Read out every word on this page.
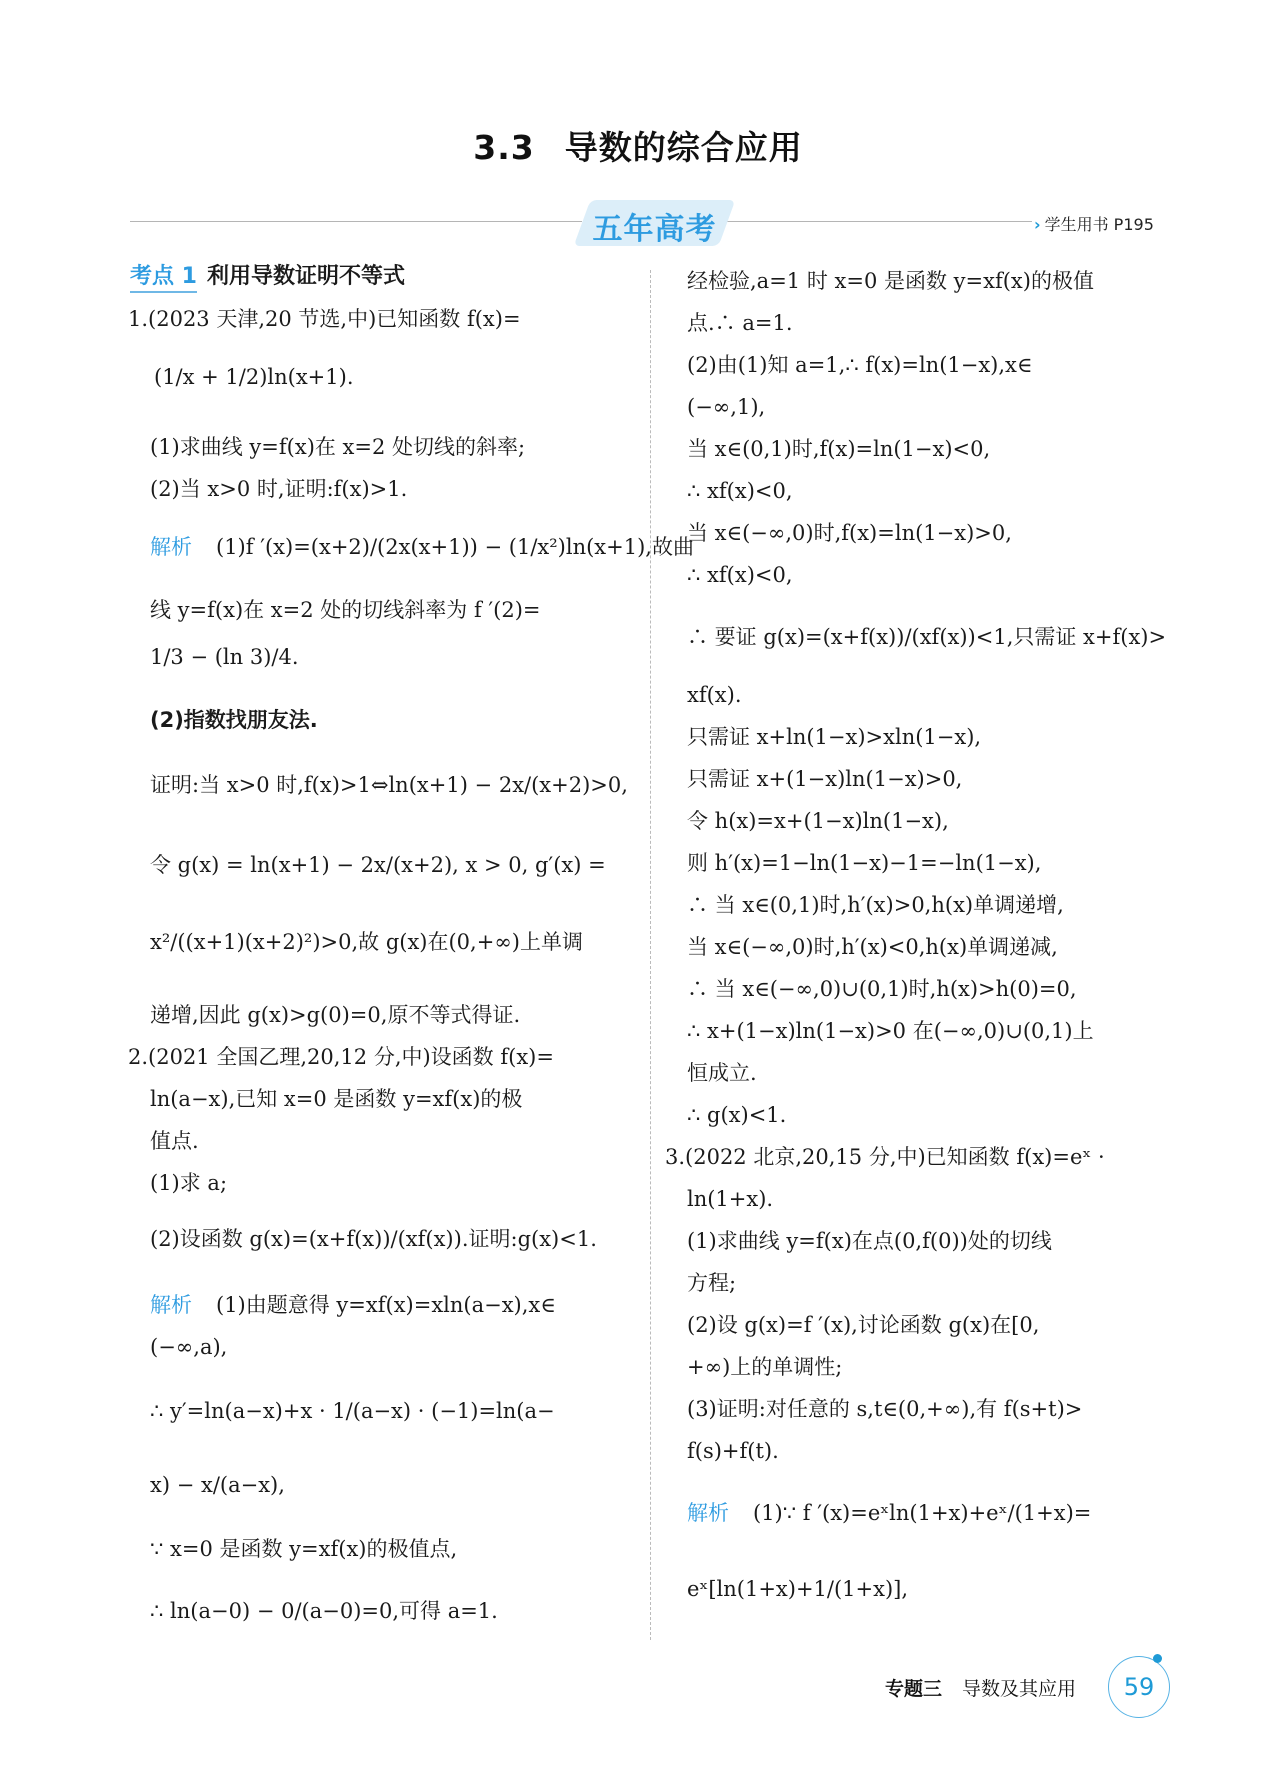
3.3 导数的综合应用
五年高考	› 学生用书 P195
考点 1 利用导数证明不等式
1.(2023 天津,20 节选,中)已知函数 f(x)=
(1/x + 1/2)ln(x+1).
(1)求曲线 y=f(x)在 x=2 处切线的斜率;
(2)当 x>0 时,证明:f(x)>1.
解析 (1)f ′(x)=(x+2)/(2x(x+1)) − (1/x²)ln(x+1),故曲
线 y=f(x)在 x=2 处的切线斜率为 f ′(2)=
1/3 − (ln 3)/4.
(2)指数找朋友法.
证明:当 x>0 时,f(x)>1⇔ln(x+1) − 2x/(x+2)>0,
令 g(x) = ln(x+1) − 2x/(x+2), x > 0, g′(x) =
x²/((x+1)(x+2)²)>0,故 g(x)在(0,+∞)上单调
递增,因此 g(x)>g(0)=0,原不等式得证.
2.(2021 全国乙理,20,12 分,中)设函数 f(x)=
ln(a−x),已知 x=0 是函数 y=xf(x)的极
值点.
(1)求 a;
(2)设函数 g(x)=(x+f(x))/(xf(x)).证明:g(x)<1.
解析 (1)由题意得 y=xf(x)=xln(a−x),x∈
(−∞,a),
∴ y′=ln(a−x)+x · 1/(a−x) · (−1)=ln(a−
x) − x/(a−x),
∵ x=0 是函数 y=xf(x)的极值点,
∴ ln(a−0) − 0/(a−0)=0,可得 a=1.
经检验,a=1 时 x=0 是函数 y=xf(x)的极值
点.∴ a=1.
(2)由(1)知 a=1,∴ f(x)=ln(1−x),x∈
(−∞,1),
当 x∈(0,1)时,f(x)=ln(1−x)<0,
∴ xf(x)<0,
当 x∈(−∞,0)时,f(x)=ln(1−x)>0,
∴ xf(x)<0,
∴ 要证 g(x)=(x+f(x))/(xf(x))<1,只需证 x+f(x)>
xf(x).
只需证 x+ln(1−x)>xln(1−x),
只需证 x+(1−x)ln(1−x)>0,
令 h(x)=x+(1−x)ln(1−x),
则 h′(x)=1−ln(1−x)−1=−ln(1−x),
∴ 当 x∈(0,1)时,h′(x)>0,h(x)单调递增,
当 x∈(−∞,0)时,h′(x)<0,h(x)单调递减,
∴ 当 x∈(−∞,0)∪(0,1)时,h(x)>h(0)=0,
∴ x+(1−x)ln(1−x)>0 在(−∞,0)∪(0,1)上
恒成立.
∴ g(x)<1.
3.(2022 北京,20,15 分,中)已知函数 f(x)=eˣ ·
ln(1+x).
(1)求曲线 y=f(x)在点(0,f(0))处的切线
方程;
(2)设 g(x)=f ′(x),讨论函数 g(x)在[0,
+∞)上的单调性;
(3)证明:对任意的 s,t∈(0,+∞),有 f(s+t)>
f(s)+f(t).
解析 (1)∵ f ′(x)=eˣln(1+x)+eˣ/(1+x)=
eˣ[ln(1+x)+1/(1+x)],
专题三 导数及其应用	59
